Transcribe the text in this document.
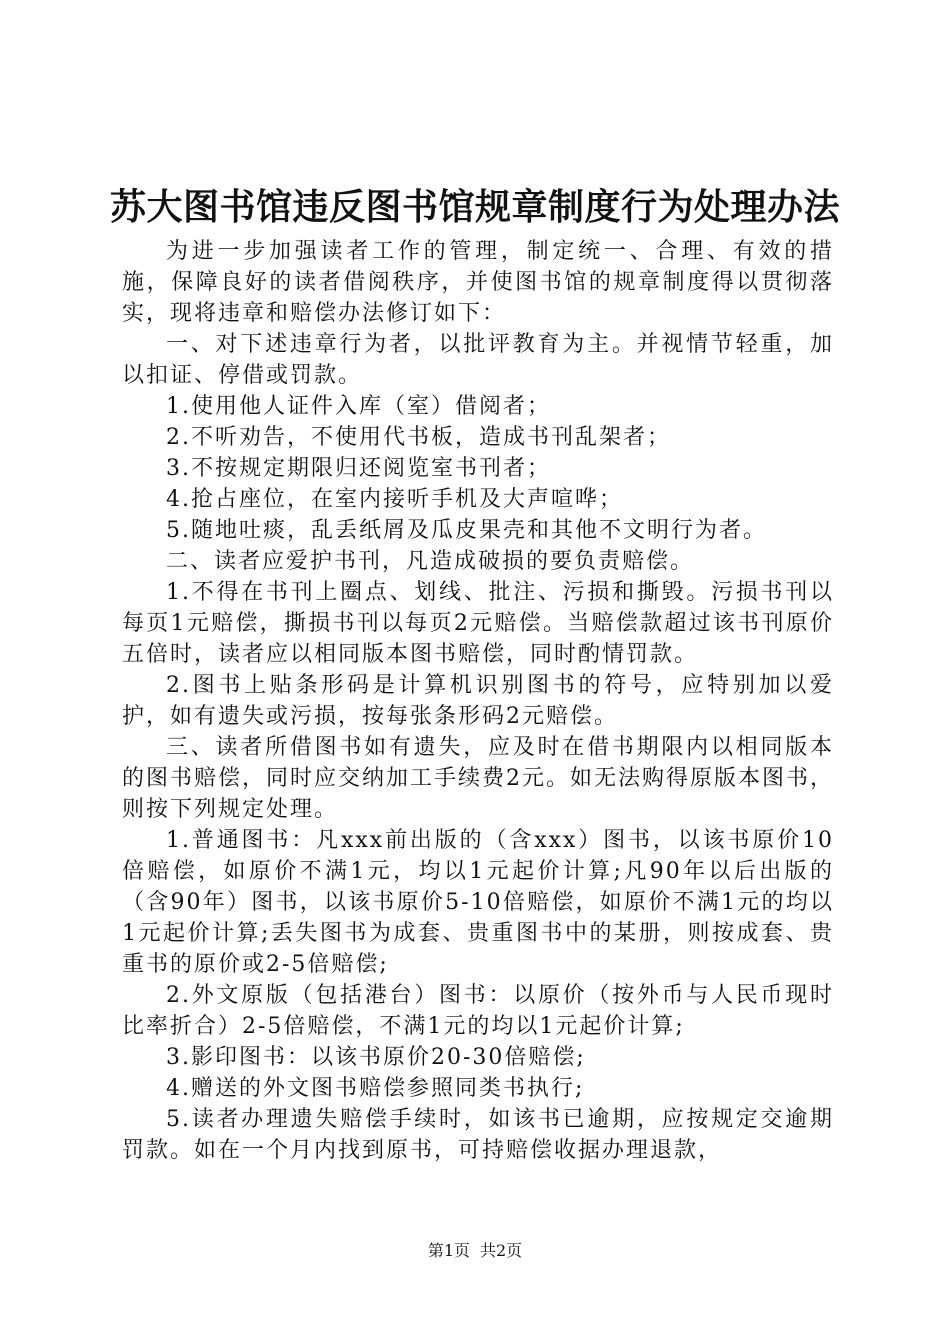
苏大图书馆违反图书馆规章制度行为处理办法

为进一步加强读者工作的管理，制定统一、合理、有效的措施，保障良好的读者借阅秩序，并使图书馆的规章制度得以贯彻落实，现将违章和赔偿办法修订如下：

一、对下述违章行为者，以批评教育为主。并视情节轻重，加以扣证、停借或罚款。

1.使用他人证件入库（室）借阅者；

2.不听劝告，不使用代书板，造成书刊乱架者；

3.不按规定期限归还阅览室书刊者；

4.抢占座位，在室内接听手机及大声喧哗；

5.随地吐痰，乱丢纸屑及瓜皮果壳和其他不文明行为者。

二、读者应爱护书刊，凡造成破损的要负责赔偿。

1.不得在书刊上圈点、划线、批注、污损和撕毁。污损书刊以每页1元赔偿，撕损书刊以每页2元赔偿。当赔偿款超过该书刊原价五倍时，读者应以相同版本图书赔偿，同时酌情罚款。

2.图书上贴条形码是计算机识别图书的符号，应特别加以爱护，如有遗失或污损，按每张条形码2元赔偿。

三、读者所借图书如有遗失，应及时在借书期限内以相同版本的图书赔偿，同时应交纳加工手续费2元。如无法购得原版本图书，则按下列规定处理。

1.普通图书：凡xxx前出版的（含xxx）图书，以该书原价10倍赔偿，如原价不满1元，均以1元起价计算;凡90年以后出版的（含90年）图书，以该书原价5-10倍赔偿，如原价不满1元的均以1元起价计算;丢失图书为成套、贵重图书中的某册，则按成套、贵重书的原价或2-5倍赔偿;

2.外文原版（包括港台）图书：以原价（按外币与人民币现时比率折合）2-5倍赔偿，不满1元的均以1元起价计算;

3.影印图书：以该书原价20-30倍赔偿;

4.赠送的外文图书赔偿参照同类书执行;

5.读者办理遗失赔偿手续时，如该书已逾期，应按规定交逾期罚款。如在一个月内找到原书，可持赔偿收据办理退款，

第1页 共2页
